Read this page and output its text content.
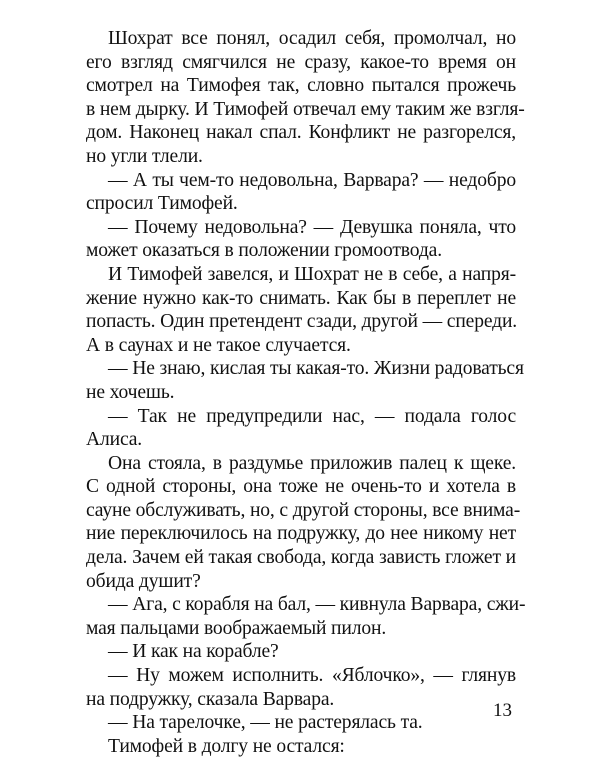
Шохрат все понял, осадил себя, промолчал, но
его взгляд смягчился не сразу, какое-то время он
смотрел на Тимофея так, словно пытался прожечь
в нем дырку. И Тимофей отвечал ему таким же взгля-
дом. Наконец накал спал. Конфликт не разгорелся,
но угли тлели.
— А ты чем-то недовольна, Варвара? — недобро
спросил Тимофей.
— Почему недовольна? — Девушка поняла, что
может оказаться в положении громоотвода.
И Тимофей завелся, и Шохрат не в себе, а напря-
жение нужно как-то снимать. Как бы в переплет не
попасть. Один претендент сзади, другой — спереди.
А в саунах и не такое случается.
— Не знаю, кислая ты какая-то. Жизни радоваться
не хочешь.
— Так не предупредили нас, — подала голос
Алиса.
Она стояла, в раздумье приложив палец к щеке.
С одной стороны, она тоже не очень-то и хотела в
сауне обслуживать, но, с другой стороны, все внима-
ние переключилось на подружку, до нее никому нет
дела. Зачем ей такая свобода, когда зависть гложет и
обида душит?
— Ага, с корабля на бал, — кивнула Варвара, сжи-
мая пальцами воображаемый пилон.
— И как на корабле?
— Ну можем исполнить. «Яблочко», — глянув
на подружку, сказала Варвара.
— На тарелочке, — не растерялась та.
Тимофей в долгу не остался:
13
